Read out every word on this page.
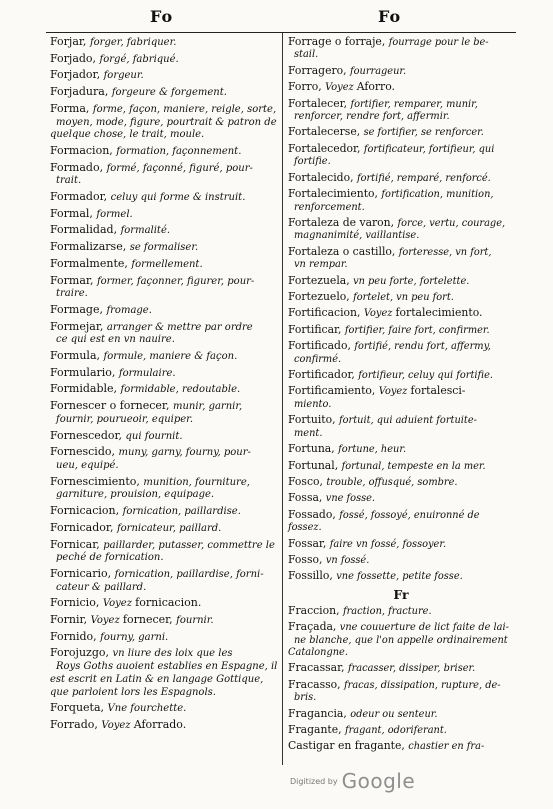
Fo	Fo
Forjar, forger, fabriquer.
Forjado, forgé, fabriqué.
Forjador, forgeur.
Forjadura, forgeure & forgement.
Forma, forme, façon, maniere, reigle, sorte,
moyen, mode, figure, pourtrait & patron de quelque chose, le trait, moule.
Formacion, formation, façonnement.
Formado, formé, façonné, figuré, pour-
trait.
Formador, celuy qui forme & instruit.
Formal, formel.
Formalidad, formalité.
Formalizarse, se formaliser.
Formalmente, formellement.
Formar, former, façonner, figurer, pour-
traire.
Formage, fromage.
Formejar, arranger & mettre par ordre
ce qui est en vn nauire.
Formula, formule, maniere & façon.
Formulario, formulaire.
Formidable, formidable, redoutable.
Fornescer o fornecer, munir, garnir,
fournir, pourueoir, equiper.
Fornescedor, qui fournit.
Fornescido, muny, garny, fourny, pour-
ueu, equipé.
Fornescimiento, munition, fourniture,
garniture, prouision, equipage.
Fornicacion, fornication, paillardise.
Fornicador, fornicateur, paillard.
Fornicar, paillarder, putasser, commettre le
peché de fornication.
Fornicario, fornication, paillardise, forni-
cateur & paillard.
Fornicio, Voyez fornicacion.
Fornir, Voyez fornecer, fournir.
Fornido, fourny, garni.
Forojuzgo, vn liure des loix que les
Roys Goths auoient establies en Espagne, il est escrit en Latin & en langage Gottique, que parloient lors les Espagnols.
Forqueta, Vne fourchette.
Forrado, Voyez Aforrado.
Forrage o forraje, fourrage pour le be-
stail.
Forragero, fourrageur.
Forro, Voyez Aforro.
Fortalecer, fortifier, remparer, munir,
renforcer, rendre fort, affermir.
Fortalecerse, se fortifier, se renforcer.
Fortalecedor, fortificateur, fortifieur, qui
fortifie.
Fortalecido, fortifié, remparé, renforcé.
Fortalecimiento, fortification, munition,
renforcement.
Fortaleza de varon, force, vertu, courage,
magnanimité, vaillantise.
Fortaleza o castillo, forteresse, vn fort,
vn rempar.
Fortezuela, vn peu forte, fortelette.
Fortezuelo, fortelet, vn peu fort.
Fortificacion, Voyez fortalecimiento.
Fortificar, fortifier, faire fort, confirmer.
Fortificado, fortifié, rendu fort, affermy,
confirmé.
Fortificador, fortifieur, celuy qui fortifie.
Fortificamiento, Voyez fortalesci-
miento.
Fortuito, fortuit, qui aduient fortuite-
ment.
Fortuna, fortune, heur.
Fortunal, fortunal, tempeste en la mer.
Fosco, trouble, offusqué, sombre.
Fossa, vne fosse.
Fossado, fossé, fossoyé, enuironné de fossez.
Fossar, faire vn fossé, fossoyer.
Fosso, vn fossé.
Fossillo, vne fossette, petite fosse.
Fr
Fraccion, fraction, fracture.
Fraçada, vne couuerture de lict faite de lai-
ne blanche, que l'on appelle ordinairement Catalongne.
Fracassar, fracasser, dissiper, briser.
Fracasso, fracas, dissipation, rupture, de-
bris.
Fragancia, odeur ou senteur.
Fragante, fragant, odoriferant.
Castigar en fragante, chastier en fra-
$^{Digitized by}$ Google
